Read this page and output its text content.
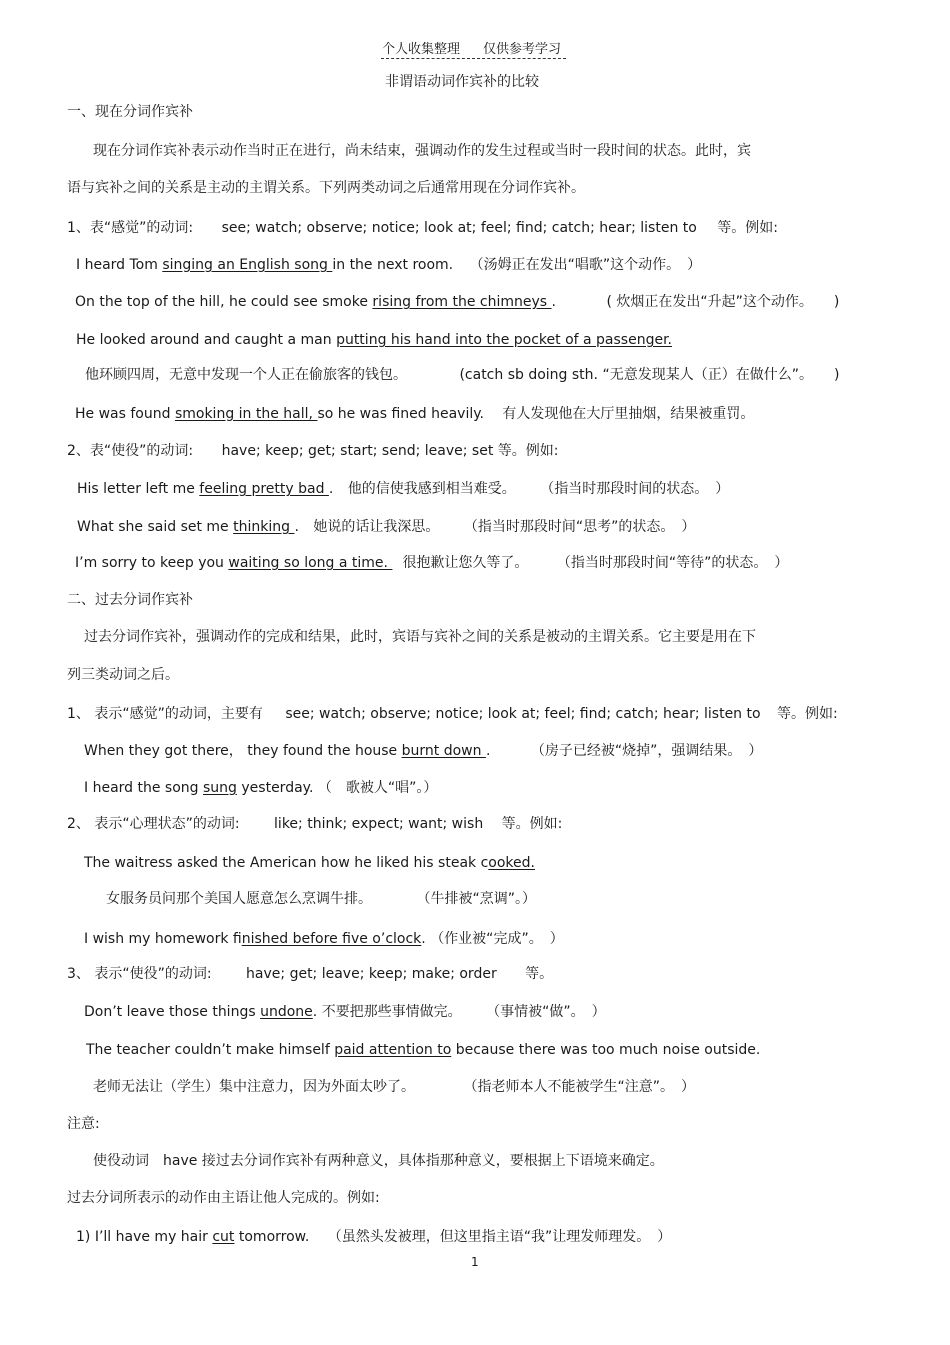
个人收集整理 仅供参考学习
非谓语动词作宾补的比较
一、现在分词作宾补
现在分词作宾补表示动作当时正在进行，尚未结束，强调动作的发生过程或当时一段时间的状态。此时，宾
语与宾补之间的关系是主动的主谓关系。下列两类动词之后通常用现在分词作宾补。
1、表“感觉”的动词: see; watch; observe; notice; look at; feel; find; catch; hear; listen to 等。例如:
I heard Tom singing an English song in the next room. （汤姆正在发出“唱歌”这个动作。　）
On the top of the hill, he could see smoke rising from the chimneys .	( 炊烟正在发出“升起”这个动作。　　)
He looked around and caught a man putting his hand into the pocket of a passenger.
他环顾四周，无意中发现一个人正在偷旅客的钱包。	(catch sb doing sth. “无意发现某人（正）在做什么”。　　)
He was found smoking in the hall, so he was fined heavily. 有人发现他在大厅里抽烟，结果被重罚。
2、表“使役”的动词: have; keep; get; start; send; leave; set 等。例如:
His letter left me feeling pretty bad . 他的信使我感到相当难受。 （指当时那段时间的状态。　）
What she said set me thinking . 她说的话让我深思。 （指当时那段时间“思考”的状态。　）
I’m sorry to keep you waiting so long a time. 很抱歉让您久等了。 （指当时那段时间“等待”的状态。　）
二、过去分词作宾补
过去分词作宾补，强调动作的完成和结果，此时，宾语与宾补之间的关系是被动的主谓关系。它主要是用在下
列三类动词之后。
1、 表示“感觉”的动词，主要有 see; watch; observe; notice; look at; feel; find; catch; hear; listen to 等。例如:
When they got there， they found the house burnt down .	（房子已经被“烧掉”，强调结果。　）
I heard the song sung yesterday. （　歌被人“唱”。）
2、 表示“心理状态”的动词: like; think; expect; want; wish 等。例如:
The waitress asked the American how he liked his steak cooked.
女服务员问那个美国人愿意怎么烹调牛排。	（牛排被“烹调”。）
I wish my homework finished before five o’clock. （作业被“完成”。　）
3、 表示“使役”的动词: have; get; leave; keep; make; order 等。
Don’t leave those things undone. 不要把那些事情做完。 （事情被“做”。　）
The teacher couldn’t make himself paid attention to because there was too much noise outside.
老师无法让（学生）集中注意力，因为外面太吵了。	（指老师本人不能被学生“注意”。　）
注意:
使役动词　have 接过去分词作宾补有两种意义，具体指那种意义，要根据上下语境来确定。
过去分词所表示的动作由主语让他人完成的。例如:
1) I’ll have my hair cut tomorrow. （虽然头发被理，但这里指主语“我”让理发师理发。　）
1
